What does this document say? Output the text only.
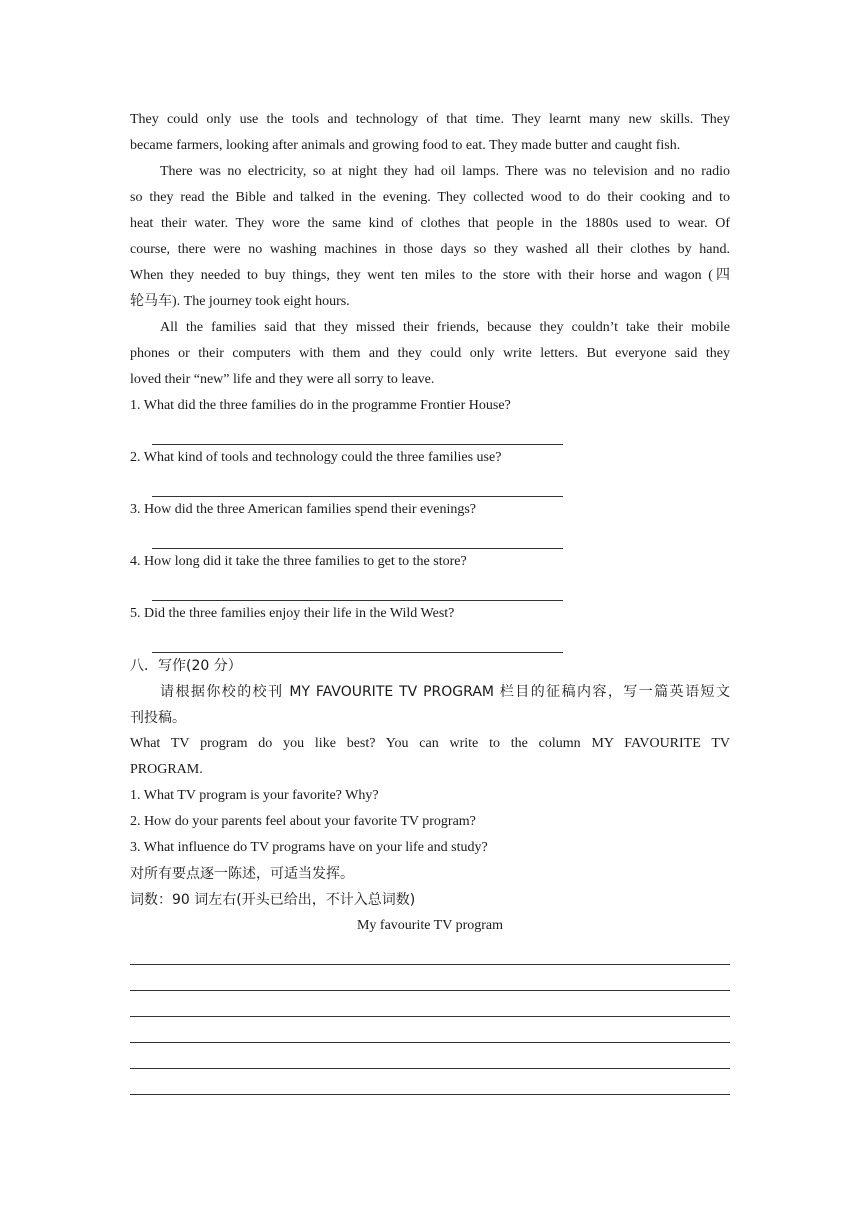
They could only use the tools and technology of that time. They learnt many new skills. They
became farmers, looking after animals and growing food to eat. They made butter and caught fish.
There was no electricity, so at night they had oil lamps. There was no television and no radio
so they read the Bible and talked in the evening. They collected wood to do their cooking and to
heat their water. They wore the same kind of clothes that people in the 1880s used to wear. Of
course, there were no washing machines in those days so they washed all their clothes by hand.
When they needed to buy things, they went ten miles to the store with their horse and wagon (四
轮马车). The journey took eight hours.
All the families said that they missed their friends, because they couldn’t take their mobile
phones or their computers with them and they could only write letters. But everyone said they
loved their “new” life and they were all sorry to leave.
1. What did the three families do in the programme Frontier House?
2. What kind of tools and technology could the three families use?
3. How did the three American families spend their evenings?
4. How long did it take the three families to get to the store?
5. Did the three families enjoy their life in the Wild West?
八．写作(20 分）
请根据你校的校刊 MY FAVOURITE TV PROGRAM 栏目的征稿内容，写一篇英语短文
刊投稿。
What TV program do you like best? You can write to the column MY FAVOURITE TV
PROGRAM.
1. What TV program is your favorite? Why?
2. How do your parents feel about your favorite TV program?
3. What influence do TV programs have on your life and study?
对所有要点逐一陈述，可适当发挥。
词数：90 词左右(开头已给出，不计入总词数)
My favourite TV program
